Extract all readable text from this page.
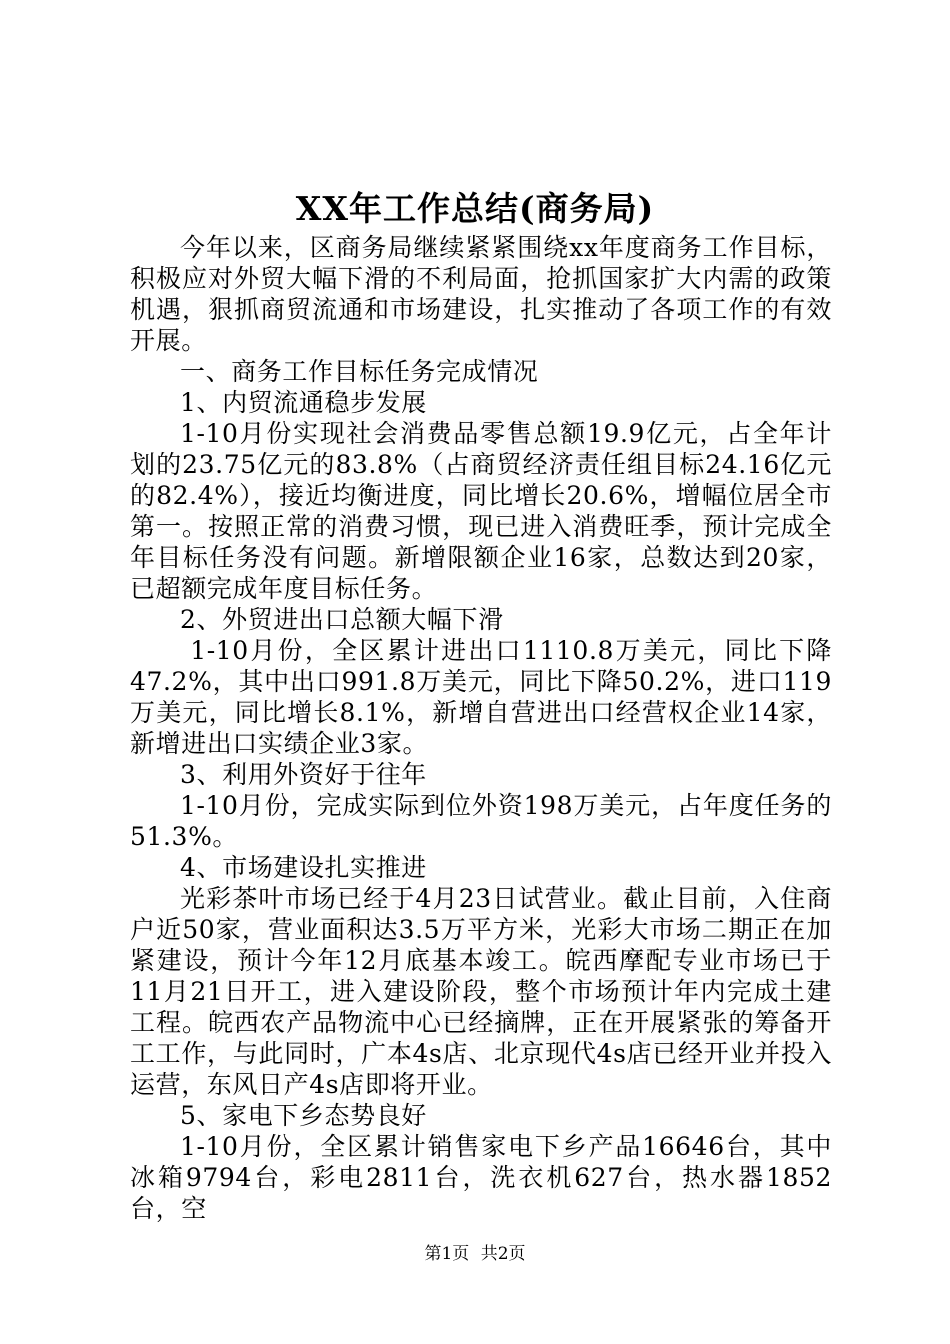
XX年工作总结(商务局)

今年以来，区商务局继续紧紧围绕xx年度商务工作目标，积极应对外贸大幅下滑的不利局面，抢抓国家扩大内需的政策机遇，狠抓商贸流通和市场建设，扎实推动了各项工作的有效开展。

一、商务工作目标任务完成情况

1、内贸流通稳步发展

1-10月份实现社会消费品零售总额19.9亿元，占全年计划的23.75亿元的83.8%（占商贸经济责任组目标24.16亿元的82.4%），接近均衡进度，同比增长20.6%，增幅位居全市第一。按照正常的消费习惯，现已进入消费旺季，预计完成全年目标任务没有问题。新增限额企业16家，总数达到20家，已超额完成年度目标任务。

2、外贸进出口总额大幅下滑

1-10月份，全区累计进出口1110.8万美元，同比下降47.2%，其中出口991.8万美元，同比下降50.2%，进口119万美元，同比增长8.1%，新增自营进出口经营权企业14家，新增进出口实绩企业3家。

3、利用外资好于往年

1-10月份，完成实际到位外资198万美元，占年度任务的51.3%。

4、市场建设扎实推进

光彩茶叶市场已经于4月23日试营业。截止目前，入住商户近50家，营业面积达3.5万平方米，光彩大市场二期正在加紧建设，预计今年12月底基本竣工。皖西摩配专业市场已于11月21日开工，进入建设阶段，整个市场预计年内完成土建工程。皖西农产品物流中心已经摘牌，正在开展紧张的筹备开工工作，与此同时，广本4s店、北京现代4s店已经开业并投入运营，东风日产4s店即将开业。

5、家电下乡态势良好

1-10月份，全区累计销售家电下乡产品16646台，其中冰箱9794台，彩电2811台，洗衣机627台，热水器1852台，空

第1页 共2页
